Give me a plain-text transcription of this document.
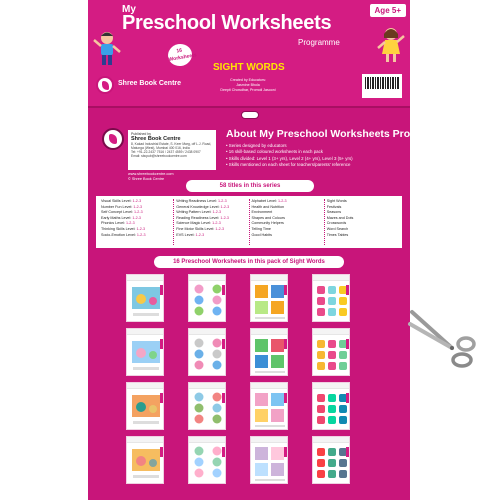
My
Preschool Worksheets
Programme
Age 5+
16 Worksheets
SIGHT WORDS
Shree Book Centre	Created by Educators:
Jasmine Bhola
Deepti Chowdhar, Promoli Jasooni
Published by
Shree Book Centre
8, Kakad Industrial Estate, S. Keer Marg, off L.J. Road, Matunga (West), Mumbai 400 016, India
Tel: +91-22-2437 7516 / 2437 4559 / 2438 0907
Email: sbcpub@shreebookcentre.com
www.shreebookcentre.com
© Shree Book Centre
About My Preschool Worksheets Programme
• Series designed by educators
• 16 skill-based coloured worksheets in each pack
• Skills divided: Level 1 (3+ yrs), Level 2 (4+ yrs), Level 3 (5+ yrs)
• Skills mentioned on each sheet for teachers/parents' reference
58 titles in this series
Visual Skills Level: 1-2-3
Number Fun Level: 1-2-3
Self Concept Level: 1-2-3
Early Maths Level: 1-2-3
Phonics Level: 1-2-3
Thinking Skills Level: 1-2-3
Socio-Emotion Level: 1-2-3
Writing Readiness Level: 1-2-3
General Knowledge Level: 1-2-3
Writing Pattern Level: 1-2-3
Reading Readiness Level: 1-2-3
Science Magic Level: 1-2-3
Fine Motor Skills Level: 1-2-3
EVS Level: 1-2-3
Alphabet Level: 1-2-3
Health and Nutrition
Environment
Shapes and Colours
Community Helpers
Telling Time
Good Habits
Sight Words
Festivals
Seasons
Mazes and Dots
Crosswords
Word Search
Times Tables
16 Preschool Worksheets in this pack of Sight Words
